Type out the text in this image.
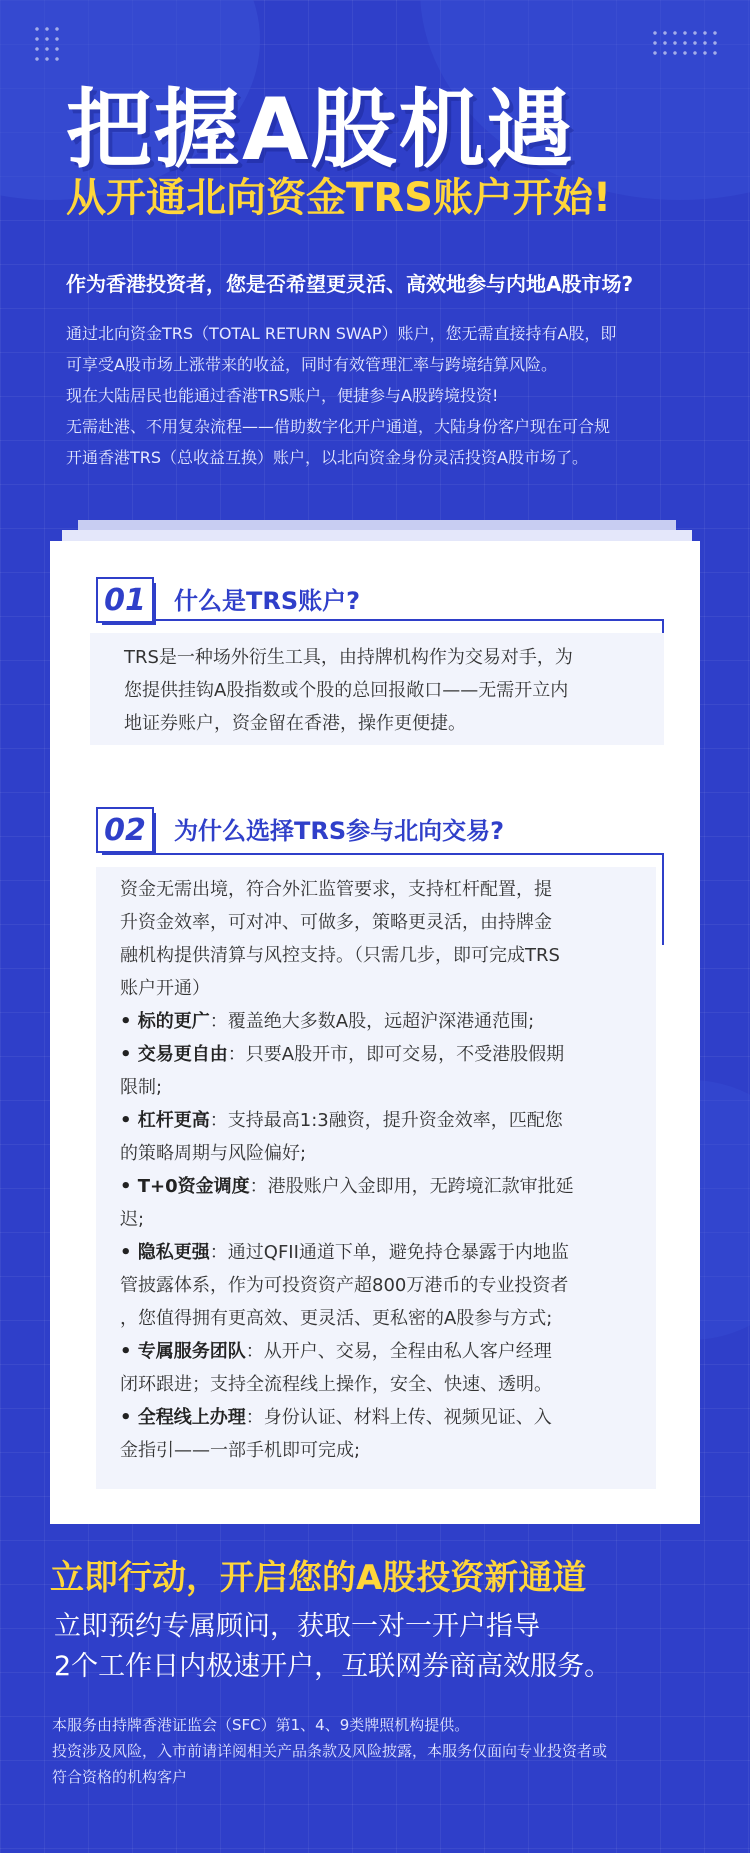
把握A股机遇
从开通北向资金TRS账户开始!

作为香港投资者，您是否希望更灵活、高效地参与内地A股市场?

通过北向资金TRS（TOTAL RETURN SWAP）账户，您无需直接持有A股，即

可享受A股市场上涨带来的收益，同时有效管理汇率与跨境结算风险。

现在大陆居民也能通过香港TRS账户，便捷参与A股跨境投资!

无需赴港、不用复杂流程——借助数字化开户通道，大陆身份客户现在可合规

开通香港TRS（总收益互换）账户，以北向资金身份灵活投资A股市场了。

01	什么是TRS账户?

TRS是一种场外衍生工具，由持牌机构作为交易对手，为

您提供挂钩A股指数或个股的总回报敞口——无需开立内

地证券账户，资金留在香港，操作更便捷。

02	为什么选择TRS参与北向交易?

资金无需出境，符合外汇监管要求，支持杠杆配置，提

升资金效率，可对冲、可做多，策略更灵活，由持牌金

融机构提供清算与风控支持。（只需几步，即可完成TRS

账户开通）

• 标的更广：覆盖绝大多数A股，远超沪深港通范围;

• 交易更自由：只要A股开市，即可交易，不受港股假期

限制;

• 杠杆更高：支持最高1:3融资，提升资金效率，匹配您

的策略周期与风险偏好;

• T+0资金调度：港股账户入金即用，无跨境汇款审批延

迟;

• 隐私更强：通过QFII通道下单，避免持仓暴露于内地监

管披露体系，作为可投资资产超800万港币的专业投资者

，您值得拥有更高效、更灵活、更私密的A股参与方式;

• 专属服务团队：从开户、交易，全程由私人客户经理

闭环跟进；支持全流程线上操作，安全、快速、透明。

• 全程线上办理：身份认证、材料上传、视频见证、入

金指引——一部手机即可完成;

立即行动，开启您的A股投资新通道

立即预约专属顾问，获取一对一开户指导

2个工作日内极速开户，互联网券商高效服务。

本服务由持牌香港证监会（SFC）第1、4、9类牌照机构提供。

投资涉及风险，入市前请详阅相关产品条款及风险披露，本服务仅面向专业投资者或

符合资格的机构客户
